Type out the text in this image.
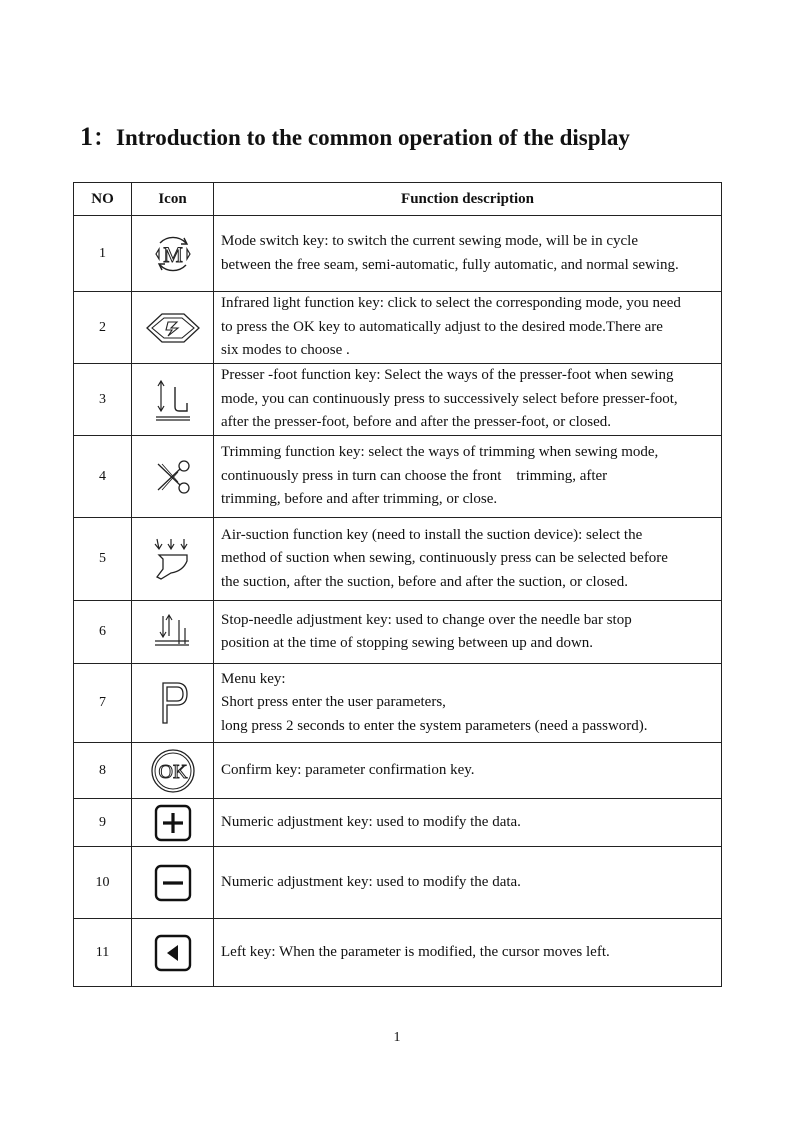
1：Introduction to the common operation of the display
NO	Icon	Function description
1	M	Mode switch key: to switch the current sewing mode, will be in cycle
between the free seam, semi-automatic, fully automatic, and normal sewing.

2		Infrared light function key: click to select the corresponding mode, you need
to press the OK key to automatically adjust to the desired mode.There are
six modes to choose .

3		Presser -foot function key: Select the ways of the presser-foot when sewing
mode, you can continuously press to successively select before presser-foot,
after the presser-foot, before and after the presser-foot, or closed.

4		Trimming function key: select the ways of trimming when sewing mode,
continuously press in turn can choose the front    trimming, after
trimming, before and after trimming, or close.

5		Air-suction function key (need to install the suction device): select the
method of suction when sewing, continuously press can be selected before
the suction, after the suction, before and after the suction, or closed.

6		Stop-needle adjustment key: used to change over the needle bar stop
position at the time of stopping sewing between up and down.

7		Menu key:
Short press enter the user parameters,
long press 2 seconds to enter the system parameters (need a password).

8	OK	Confirm key: parameter confirmation key.

9		Numeric adjustment key: used to modify the data.

10		Numeric adjustment key: used to modify the data.

11		Left key: When the parameter is modified, the cursor moves left.
1
